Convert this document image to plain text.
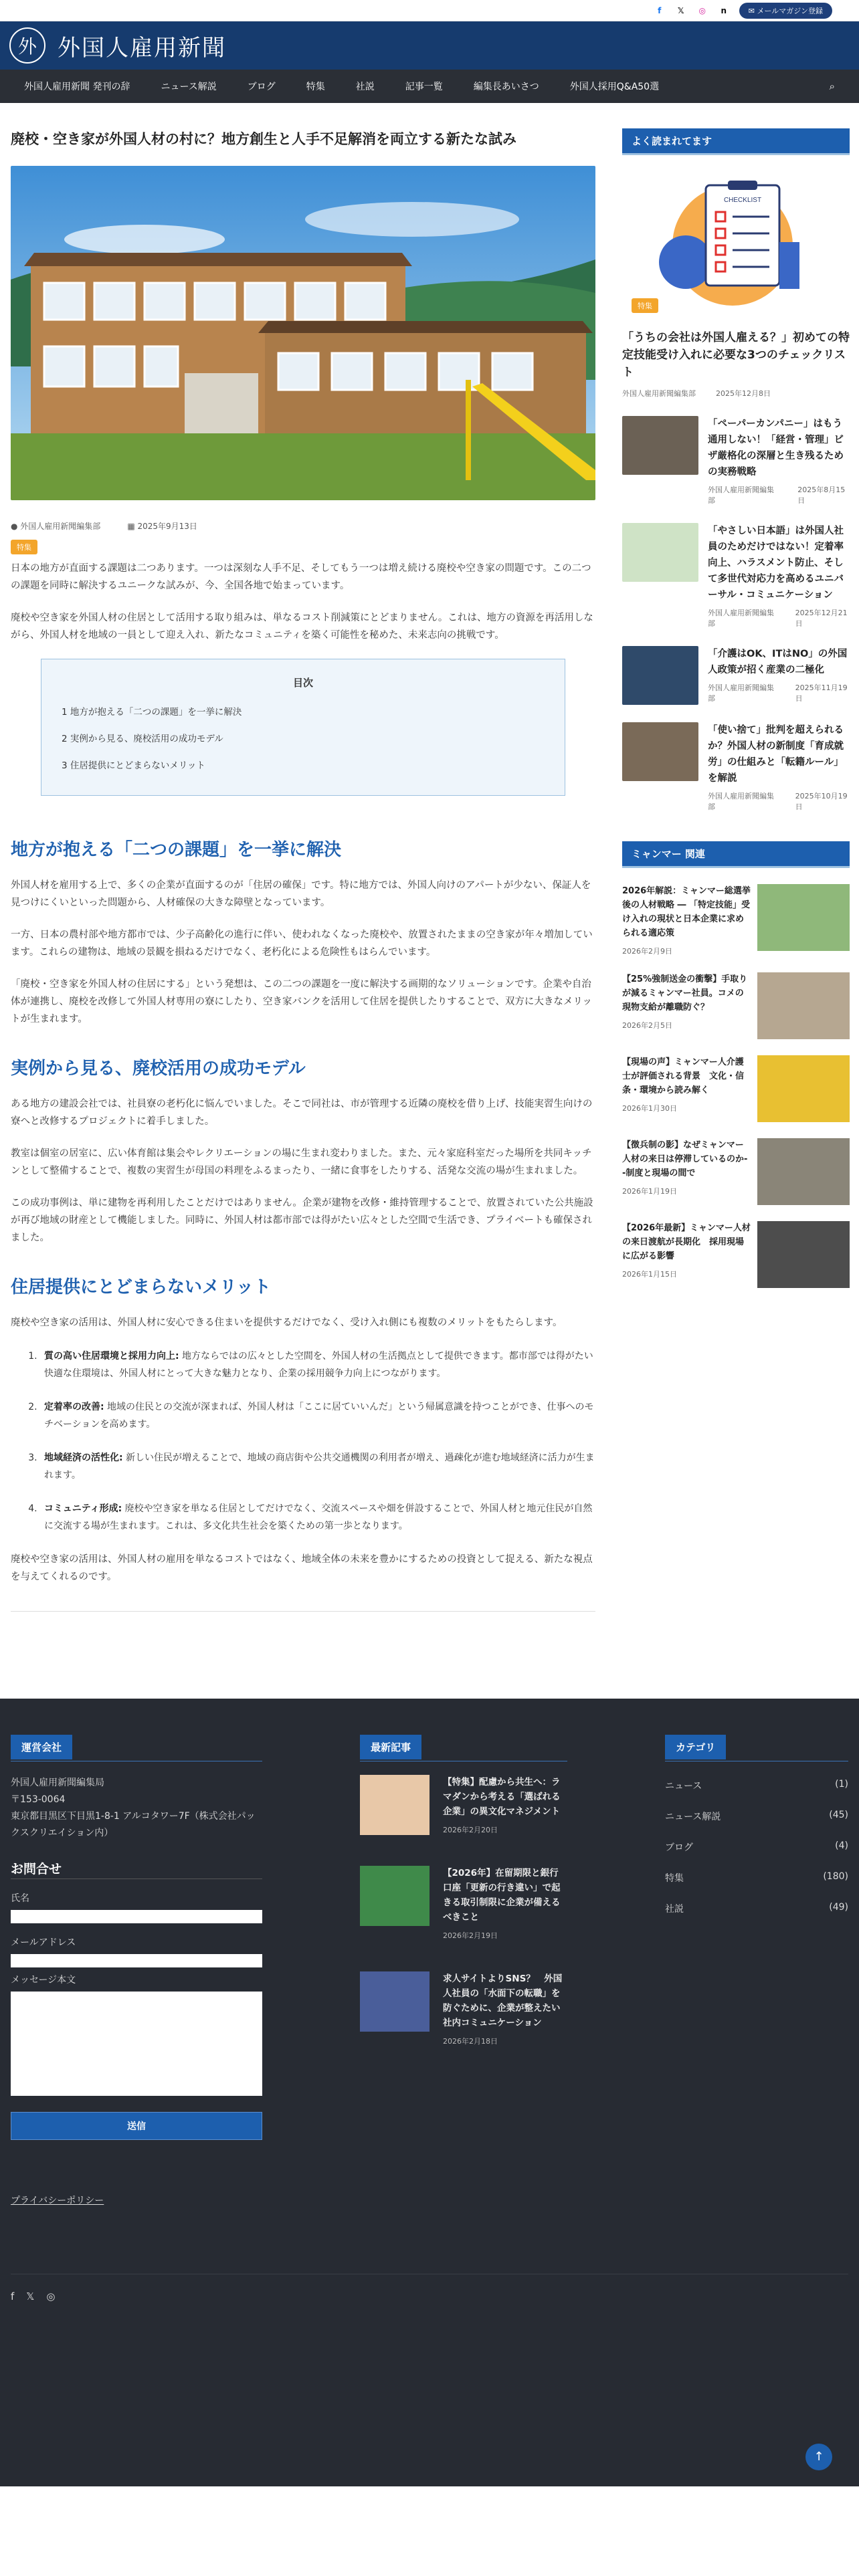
f	𝕏	◎	n	✉ メールマガジン登録
外 外国人雇用新聞
外国人雇用新聞 発刊の辞	ニュース解説	ブログ	特集	社説	記事一覧	編集長あいさつ	外国人採用Q&A50選	⌕
廃校・空き家が外国人材の村に？地方創生と人手不足解消を両立する新たな試み
● 外国人雇用新聞編集部	▦ 2025年9月13日
特集

日本の地方が直面する課題は二つあります。一つは深刻な人手不足、そしてもう一つは増え続ける廃校や空き家の問題です。この二つの課題を同時に解決するユニークな試みが、今、全国各地で始まっています。

廃校や空き家を外国人材の住居として活用する取り組みは、単なるコスト削減策にとどまりません。これは、地方の資源を再活用しながら、外国人材を地域の一員として迎え入れ、新たなコミュニティを築く可能性を秘めた、未来志向の挑戦です。

目次
1 地方が抱える「二つの課題」を一挙に解決
2 実例から見る、廃校活用の成功モデル
3 住居提供にとどまらないメリット
地方が抱える「二つの課題」を一挙に解決

外国人材を雇用する上で、多くの企業が直面するのが「住居の確保」です。特に地方では、外国人向けのアパートが少ない、保証人を見つけにくいといった問題から、人材確保の大きな障壁となっています。

一方、日本の農村部や地方都市では、少子高齢化の進行に伴い、使われなくなった廃校や、放置されたままの空き家が年々増加しています。これらの建物は、地域の景観を損ねるだけでなく、老朽化による危険性もはらんでいます。

「廃校・空き家を外国人材の住居にする」という発想は、この二つの課題を一度に解決する画期的なソリューションです。企業や自治体が連携し、廃校を改修して外国人材専用の寮にしたり、空き家バンクを活用して住居を提供したりすることで、双方に大きなメリットが生まれます。

実例から見る、廃校活用の成功モデル

ある地方の建設会社では、社員寮の老朽化に悩んでいました。そこで同社は、市が管理する近隣の廃校を借り上げ、技能実習生向けの寮へと改修するプロジェクトに着手しました。

教室は個室の居室に、広い体育館は集会やレクリエーションの場に生まれ変わりました。また、元々家庭科室だった場所を共同キッチンとして整備することで、複数の実習生が母国の料理をふるまったり、一緒に食事をしたりする、活発な交流の場が生まれました。

この成功事例は、単に建物を再利用したことだけではありません。企業が建物を改修・維持管理することで、放置されていた公共施設が再び地域の財産として機能しました。同時に、外国人材は都市部では得がたい広々とした空間で生活でき、プライベートも確保されました。

住居提供にとどまらないメリット

廃校や空き家の活用は、外国人材に安心できる住まいを提供するだけでなく、受け入れ側にも複数のメリットをもたらします。

1. 質の高い住居環境と採用力向上: 地方ならではの広々とした空間を、外国人材の生活拠点として提供できます。都市部では得がたい快適な住環境は、外国人材にとって大きな魅力となり、企業の採用競争力向上につながります。
2. 定着率の改善: 地域の住民との交流が深まれば、外国人材は「ここに居ていいんだ」という帰属意識を持つことができ、仕事へのモチベーションを高めます。
3. 地域経済の活性化: 新しい住民が増えることで、地域の商店街や公共交通機関の利用者が増え、過疎化が進む地域経済に活力が生まれます。
4. コミュニティ形成: 廃校や空き家を単なる住居としてだけでなく、交流スペースや畑を併設することで、外国人材と地元住民が自然に交流する場が生まれます。これは、多文化共生社会を築くための第一歩となります。

廃校や空き家の活用は、外国人材の雇用を単なるコストではなく、地域全体の未来を豊かにするための投資として捉える、新たな視点を与えてくれるのです。

よく読まれてます
CHECKLIST
特集
「うちの会社は外国人雇える？」初めての特定技能受け入れに必要な3つのチェックリスト
外国人雇用新聞編集部	2025年12月8日
「ペーパーカンパニー」はもう通用しない！「経営・管理」ビザ厳格化の深層と生き残るための実務戦略
外国人雇用新聞編集部
2025年8月15日
「やさしい日本語」は外国人社員のためだけではない！定着率向上、ハラスメント防止、そして多世代対応力を高めるユニバーサル・コミュニケーション
外国人雇用新聞編集部
2025年12月21日
「介護はOK、ITはNO」の外国人政策が招く産業の二極化
外国人雇用新聞編集部
2025年11月19日
「使い捨て」批判を超えられるか？外国人材の新制度「育成就労」の仕組みと「転籍ルール」を解説
外国人雇用新聞編集部
2025年10月19日
ミャンマー 関連
2026年解説：ミャンマー総選挙後の人材戦略 ― 「特定技能」受け入れの現状と日本企業に求められる適応策
2026年2月9日
【25%強制送金の衝撃】手取りが減るミャンマー社員。コメの現物支給が離職防ぐ？
2026年2月5日
【現場の声】ミャンマー人介護士が評価される背景　文化・信条・環境から読み解く
2026年1月30日
【徴兵制の影】なぜミャンマー人材の来日は停滞しているのか--制度と現場の間で
2026年1月19日
【2026年最新】ミャンマー人材の来日渡航が長期化　採用現場に広がる影響
2026年1月15日
運営会社
外国人雇用新聞編集局
〒153-0064
東京都目黒区下目黒1-8-1 アルコタワー7F（株式会社パックスクリエイション内）
お問合せ
氏名
メールアドレス
メッセージ本文
送信
プライバシーポリシー
最新記事
【特集】配慮から共生へ：ラマダンから考える「選ばれる企業」の異文化マネジメント
2026年2月20日
【2026年】在留期限と銀行口座「更新の行き違い」で起きる取引制限に企業が備えるべきこと
2026年2月19日
求人サイトよりSNS？　外国人社員の「水面下の転職」を防ぐために、企業が整えたい社内コミュニケーション
2026年2月18日
カテゴリ
ニュース	(1)
ニュース解説	(45)
ブログ	(4)
特集	(180)
社説	(49)
f 𝕏 ◎
↑
